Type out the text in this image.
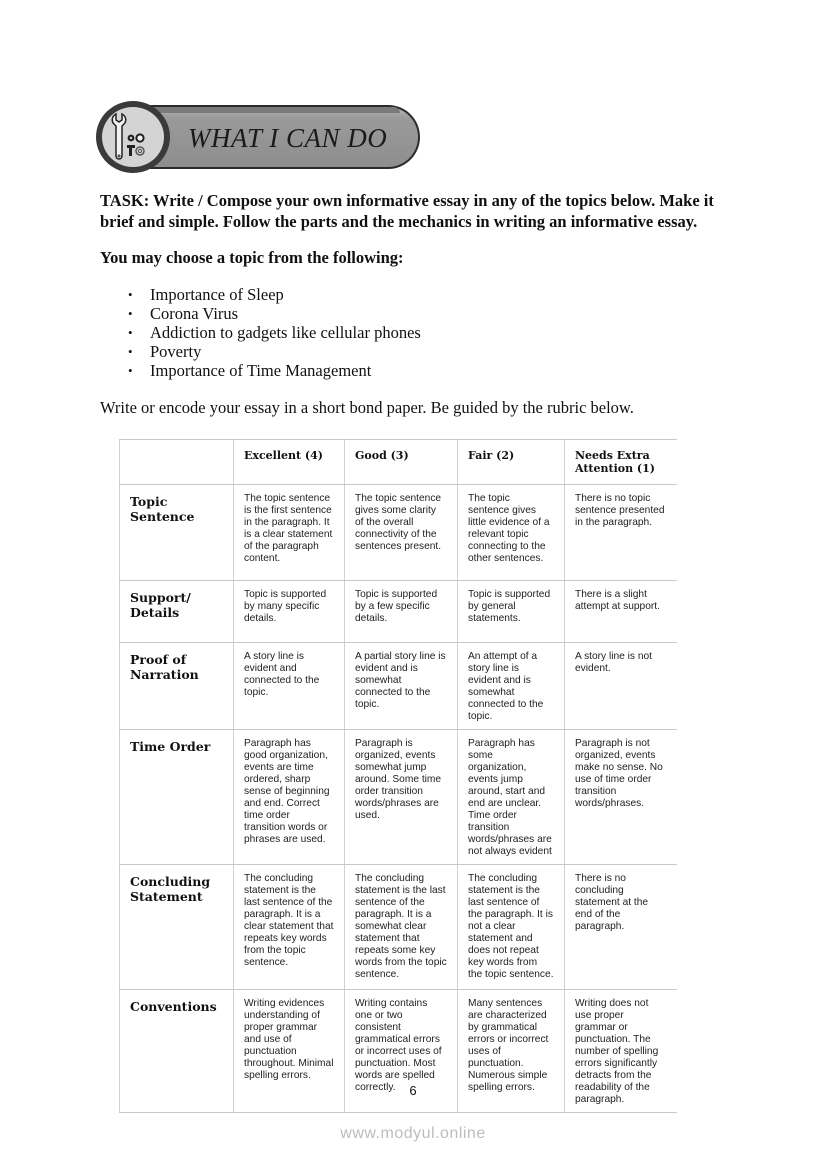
WHAT I CAN DO
TASK: Write / Compose your own informative essay in any of the topics below. Make it brief and simple. Follow the parts and the mechanics in writing an informative essay.
You may choose a topic from the following:
• Importance of Sleep
• Corona Virus
• Addiction to gadgets like cellular phones
• Poverty
• Importance of Time Management
Write or encode your essay in a short bond paper. Be guided by the rubric below.
	Excellent (4)	Good (3)	Fair (2)	Needs Extra Attention (1)
Topic Sentence	The topic sentence is the first sentence in the paragraph. It is a clear statement of the paragraph content.	The topic sentence gives some clarity of the overall connectivity of the sentences present.	The topic sentence gives little evidence of a relevant topic connecting to the other sentences.	There is no topic sentence presented in the paragraph.
Support/ Details	Topic is supported by many specific details.	Topic is supported by a few specific details.	Topic is supported by general statements.	There is a slight attempt at support.
Proof of Narration	A story line is evident and connected to the topic.	A partial story line is evident and is somewhat connected to the topic.	An attempt of a story line is evident and is somewhat connected to the topic.	A story line is not evident.
Time Order	Paragraph has good organization, events are time ordered, sharp sense of beginning and end. Correct time order transition words or phrases are used.	Paragraph is organized, events somewhat jump around. Some time order transition words/phrases are used.	Paragraph has some organization, events jump around, start and end are unclear. Time order transition words/phrases are not always evident	Paragraph is not organized, events make no sense. No use of time order transition words/phrases.
Concluding Statement	The concluding statement is the last sentence of the paragraph. It is a clear statement that repeats key words from the topic sentence.	The concluding statement is the last sentence of the paragraph. It is a somewhat clear statement that repeats some key words from the topic sentence.	The concluding statement is the last sentence of the paragraph. It is not a clear statement and does not repeat key words from the topic sentence.	There is no concluding statement at the end of the paragraph.
Conventions	Writing evidences understanding of proper grammar and use of punctuation throughout. Minimal spelling errors.	Writing contains one or two consistent grammatical errors or incorrect uses of punctuation. Most words are spelled correctly.	Many sentences are characterized by grammatical errors or incorrect uses of punctuation. Numerous simple spelling errors.	Writing does not use proper grammar or punctuation. The number of spelling errors significantly detracts from the readability of the paragraph.
6
www.modyul.online
